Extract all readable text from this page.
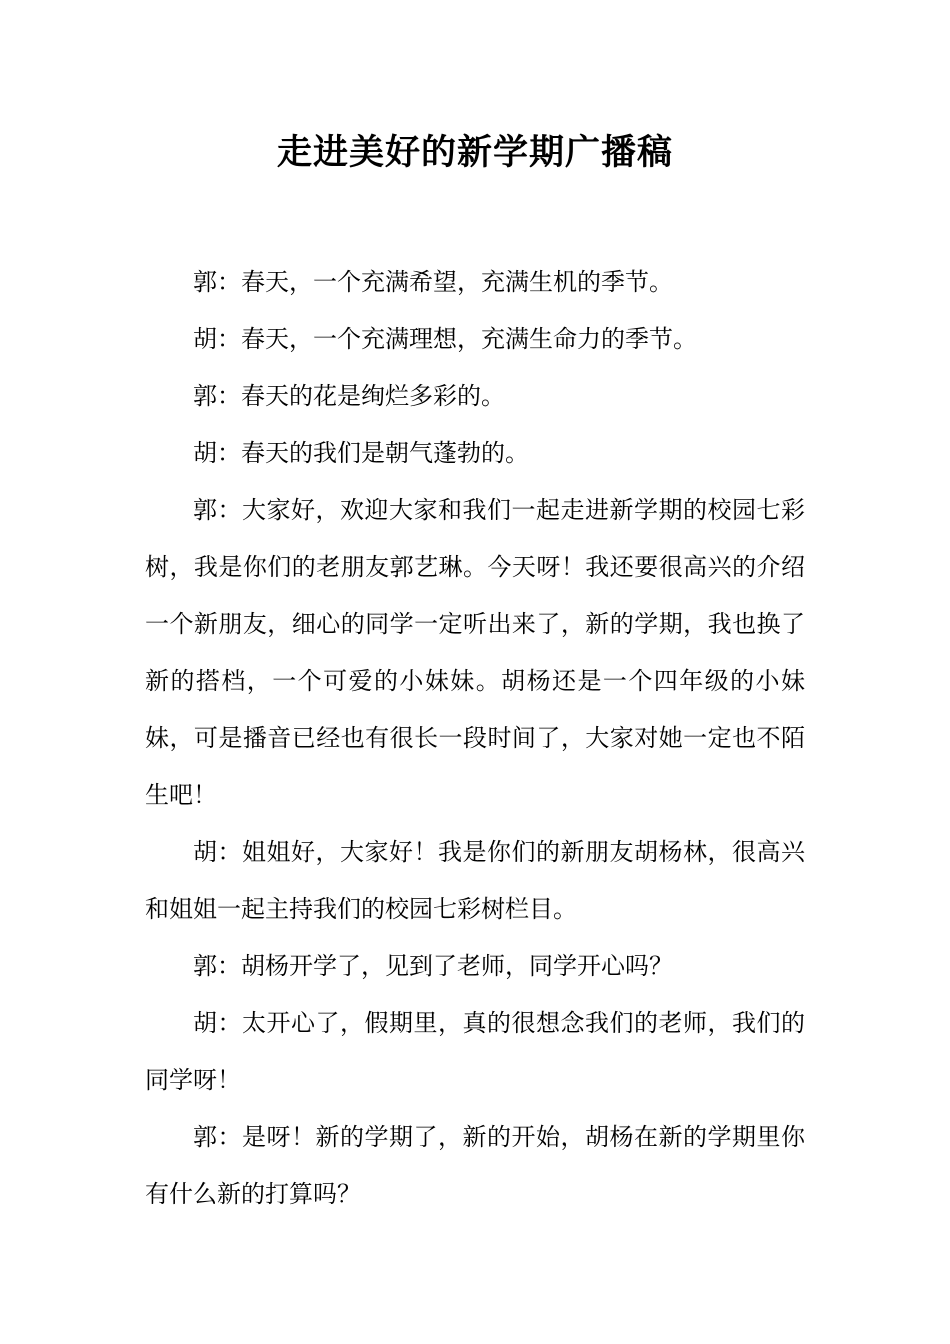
走进美好的新学期广播稿

郭：春天，一个充满希望，充满生机的季节。

胡：春天，一个充满理想，充满生命力的季节。

郭：春天的花是绚烂多彩的。

胡：春天的我们是朝气蓬勃的。

郭：大家好，欢迎大家和我们一起走进新学期的校园七彩树，我是你们的老朋友郭艺琳。今天呀！我还要很高兴的介绍一个新朋友，细心的同学一定听出来了，新的学期，我也换了新的搭档，一个可爱的小妹妹。胡杨还是一个四年级的小妹妹，可是播音已经也有很长一段时间了，大家对她一定也不陌生吧！

胡：姐姐好，大家好！我是你们的新朋友胡杨林，很高兴和姐姐一起主持我们的校园七彩树栏目。

郭：胡杨开学了，见到了老师，同学开心吗？

胡：太开心了，假期里，真的很想念我们的老师，我们的同学呀！

郭：是呀！新的学期了，新的开始，胡杨在新的学期里你有什么新的打算吗？
